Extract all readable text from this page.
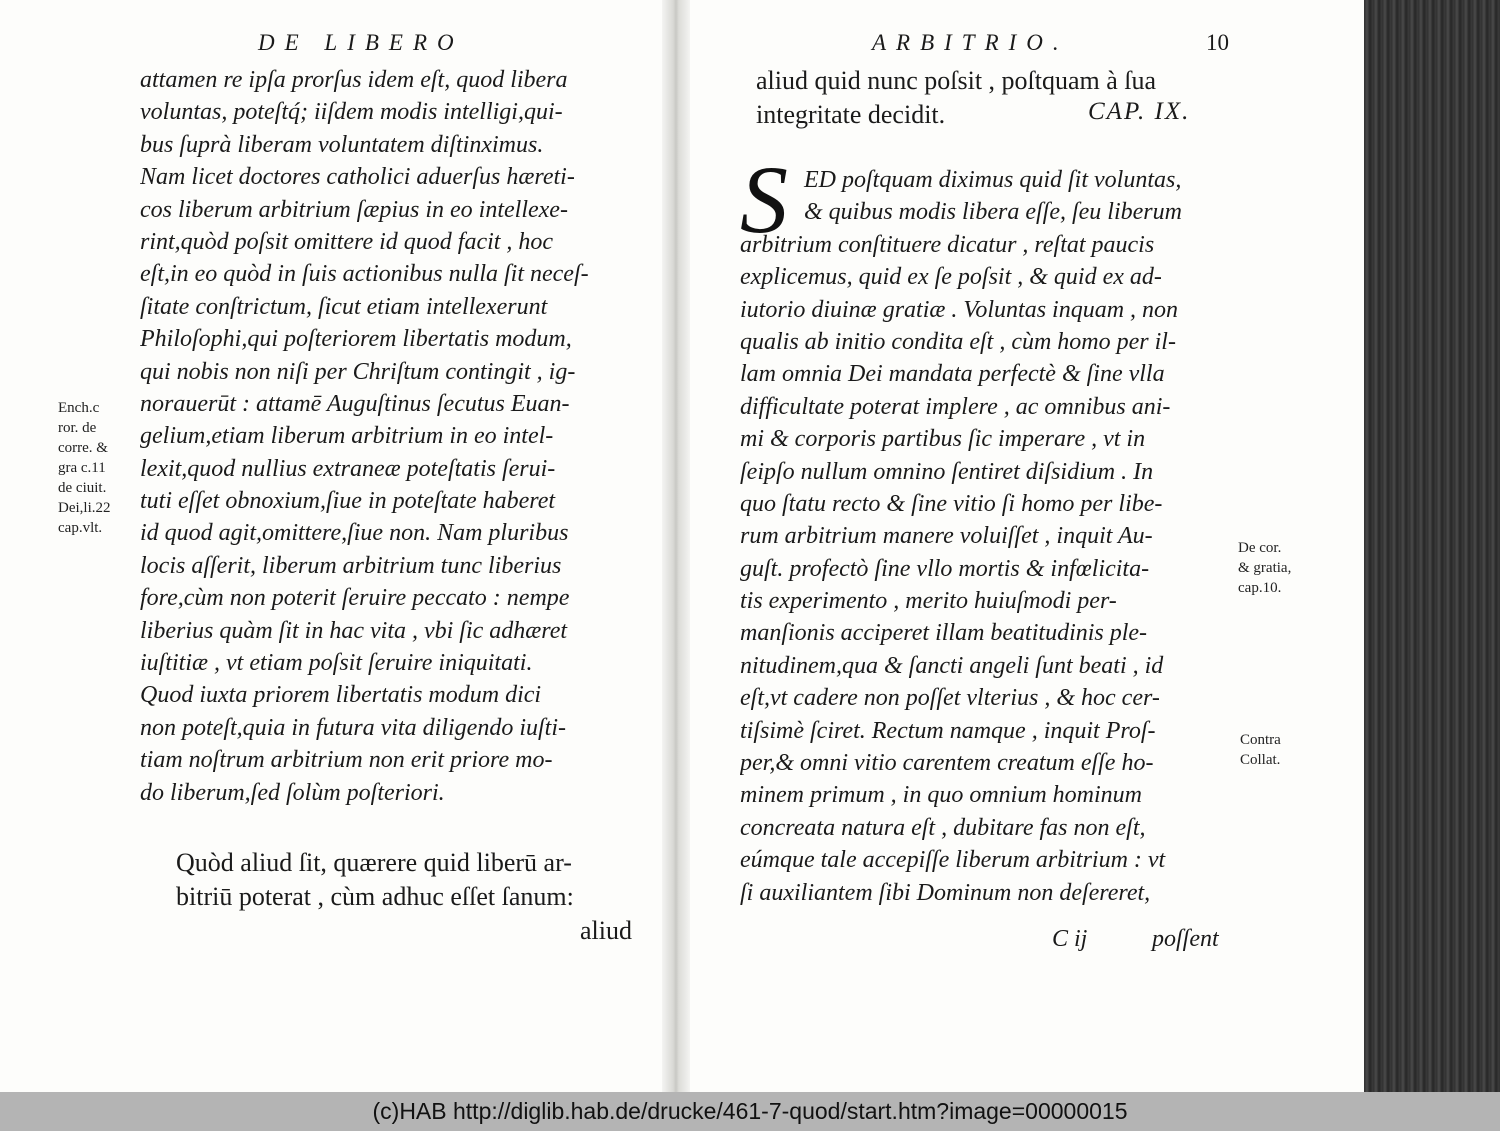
DE LIBERO
attamen re ipſa prorſus idem eſt, quod libera
voluntas, poteſtq́; iiſdem modis intelligi,qui-
bus ſuprà liberam voluntatem diſtinximus.
Nam licet doctores catholici aduerſus hæreti-
cos liberum arbitrium ſæpius in eo intellexe-
rint,quòd poſsit omittere id quod facit , hoc
eſt,in eo quòd in ſuis actionibus nulla ſit neceſ-
ſitate conſtrictum, ſicut etiam intellexerunt
Philoſophi,qui poſteriorem libertatis modum,
qui nobis non niſi per Chriſtum contingit , ig-
norauerūt : attamē Auguſtinus ſecutus Euan-
gelium,etiam liberum arbitrium in eo intel-
lexit,quod nullius extraneæ poteſtatis ſerui-
tuti eſſet obnoxium,ſiue in poteſtate haberet
id quod agit,omittere,ſiue non. Nam pluribus
locis aſſerit, liberum arbitrium tunc liberius
fore,cùm non poterit ſeruire peccato : nempe
liberius quàm ſit in hac vita , vbi ſic adhæret
iuſtitiæ , vt etiam poſsit ſeruire iniquitati.
Quod iuxta priorem libertatis modum dici
non poteſt,quia in futura vita diligendo iuſti-
tiam noſtrum arbitrium non erit priore mo-
do liberum,ſed ſolùm poſteriori.
Ench.c
ror. de
corre. &
gra c.11
de ciuit.
Dei,li.22
cap.vlt.
Quòd aliud ſit, quærere quid liberū ar-
bitriū poterat , cùm adhuc eſſet ſanum:
aliud
ARBITRIO.	10
aliud quid nunc poſsit , poſtquam à ſua
integritate decidit.	CAP. IX.
S ED poſtquam diximus quid ſit voluntas,
& quibus modis libera eſſe, ſeu liberum
arbitrium conſtituere dicatur , reſtat paucis
explicemus, quid ex ſe poſsit , & quid ex ad-
iutorio diuinæ gratiæ . Voluntas inquam , non
qualis ab initio condita eſt , cùm homo per il-
lam omnia Dei mandata perfectè & ſine vlla
difficultate poterat implere , ac omnibus ani-
mi & corporis partibus ſic imperare , vt in
ſeipſo nullum omnino ſentiret diſsidium . In
quo ſtatu recto & ſine vitio ſi homo per libe-
rum arbitrium manere voluiſſet , inquit Au-
guſt. profectò ſine vllo mortis & infœlicita-
tis experimento , merito huiuſmodi per-
manſionis acciperet illam beatitudinis ple-
nitudinem,qua & ſancti angeli ſunt beati , id
eſt,vt cadere non poſſet vlterius , & hoc cer-
tiſsimè ſciret. Rectum namque , inquit Proſ-
per,& omni vitio carentem creatum eſſe ho-
minem primum , in quo omnium hominum
concreata natura eſt , dubitare fas non eſt,
eúmque tale accepiſſe liberum arbitrium : vt
ſi auxiliantem ſibi Dominum non deſereret,
De cor.
& gratia,
cap.10.
Contra
Collat.
C ij	poſſent
(c)HAB http://diglib.hab.de/drucke/461-7-quod/start.htm?image=00000015
